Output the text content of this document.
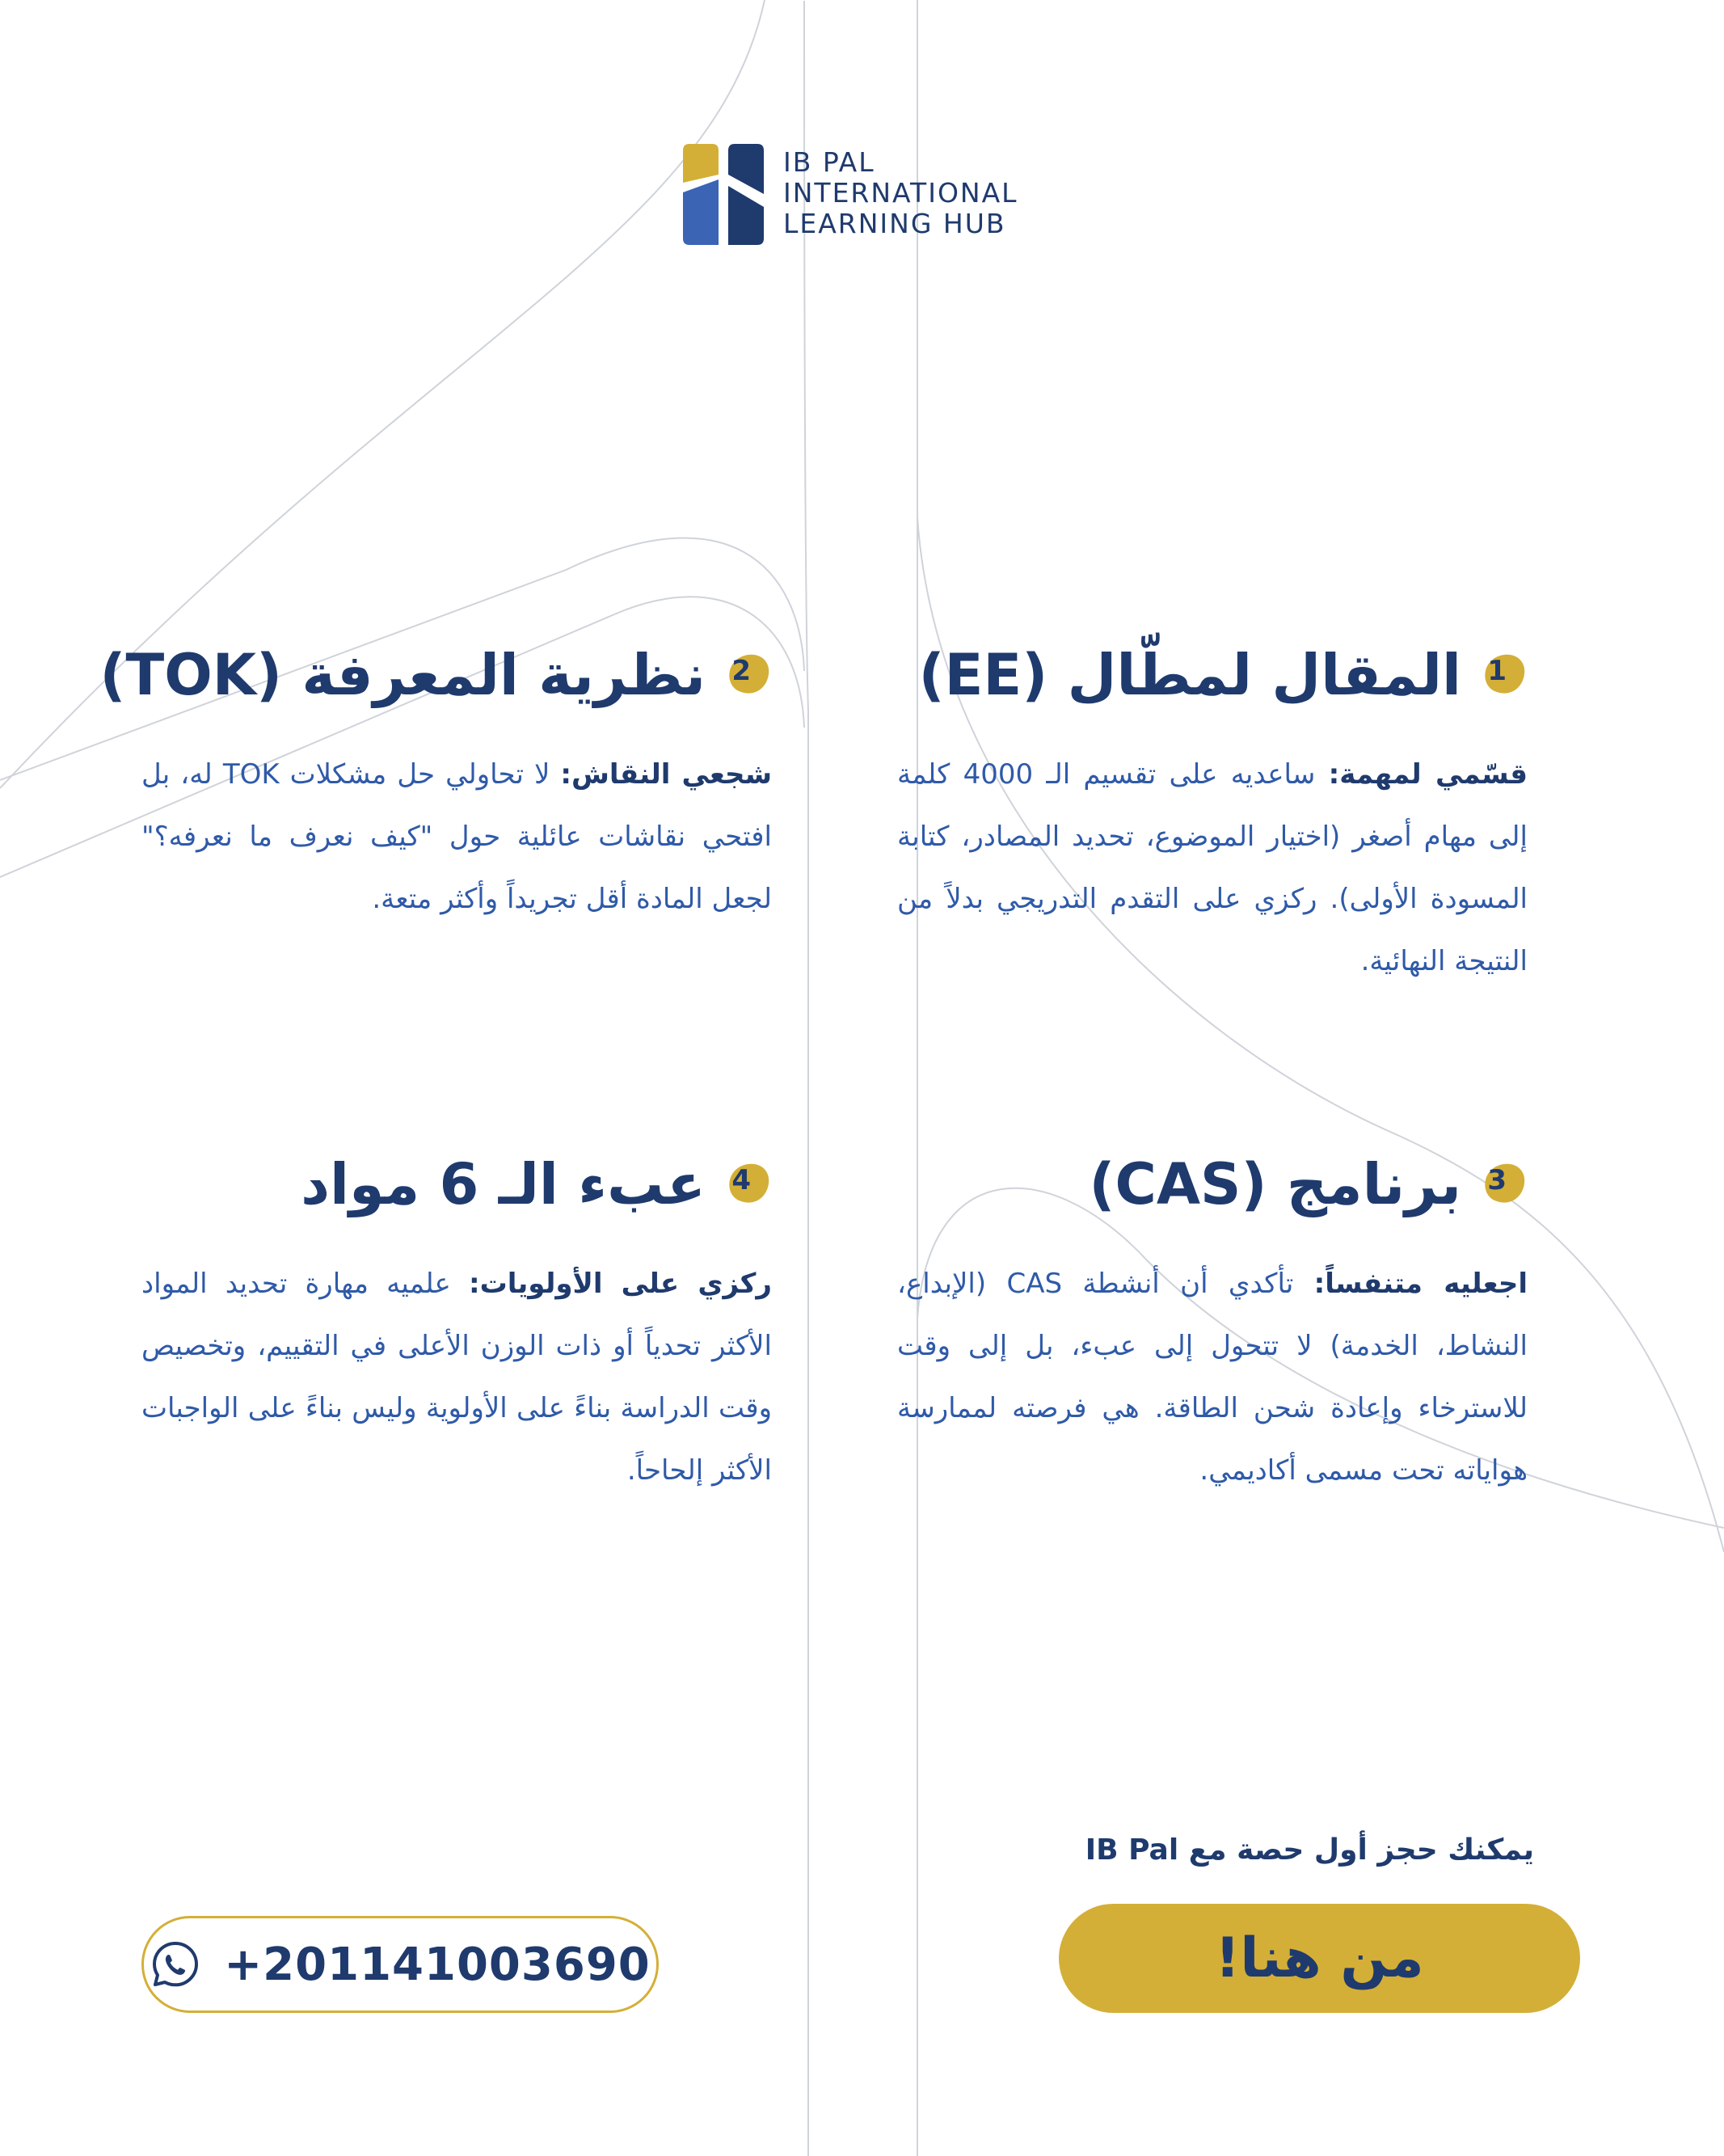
IB PAL
INTERNATIONAL
LEARNING HUB
1
المقال لمطّال (EE)
قسّمي لمهمة: ساعديه على تقسيم الـ 4000 كلمة إلى مهام أصغر (اختيار الموضوع، تحديد المصادر، كتابة المسودة الأولى). ركزي على التقدم التدريجي بدلاً من النتيجة النهائية.
2
نظرية المعرفة (TOK)
شجعي النقاش: لا تحاولي حل مشكلات TOK له، بل افتحي نقاشات عائلية حول "كيف نعرف ما نعرفه؟" لجعل المادة أقل تجريداً وأكثر متعة.
3
برنامج (CAS)
اجعليه متنفساً: تأكدي أن أنشطة CAS (الإبداع، النشاط، الخدمة) لا تتحول إلى عبء، بل إلى وقت للاسترخاء وإعادة شحن الطاقة. هي فرصته لممارسة هواياته تحت مسمى أكاديمي.
4
عبء الـ 6 مواد
ركزي على الأولويات: علميه مهارة تحديد المواد الأكثر تحدياً أو ذات الوزن الأعلى في التقييم، وتخصيص وقت الدراسة بناءً على الأولوية وليس بناءً على الواجبات الأكثر إلحاحاً.
يمكنك حجز أول حصة مع IB Pal
من هنا!
+201141003690
